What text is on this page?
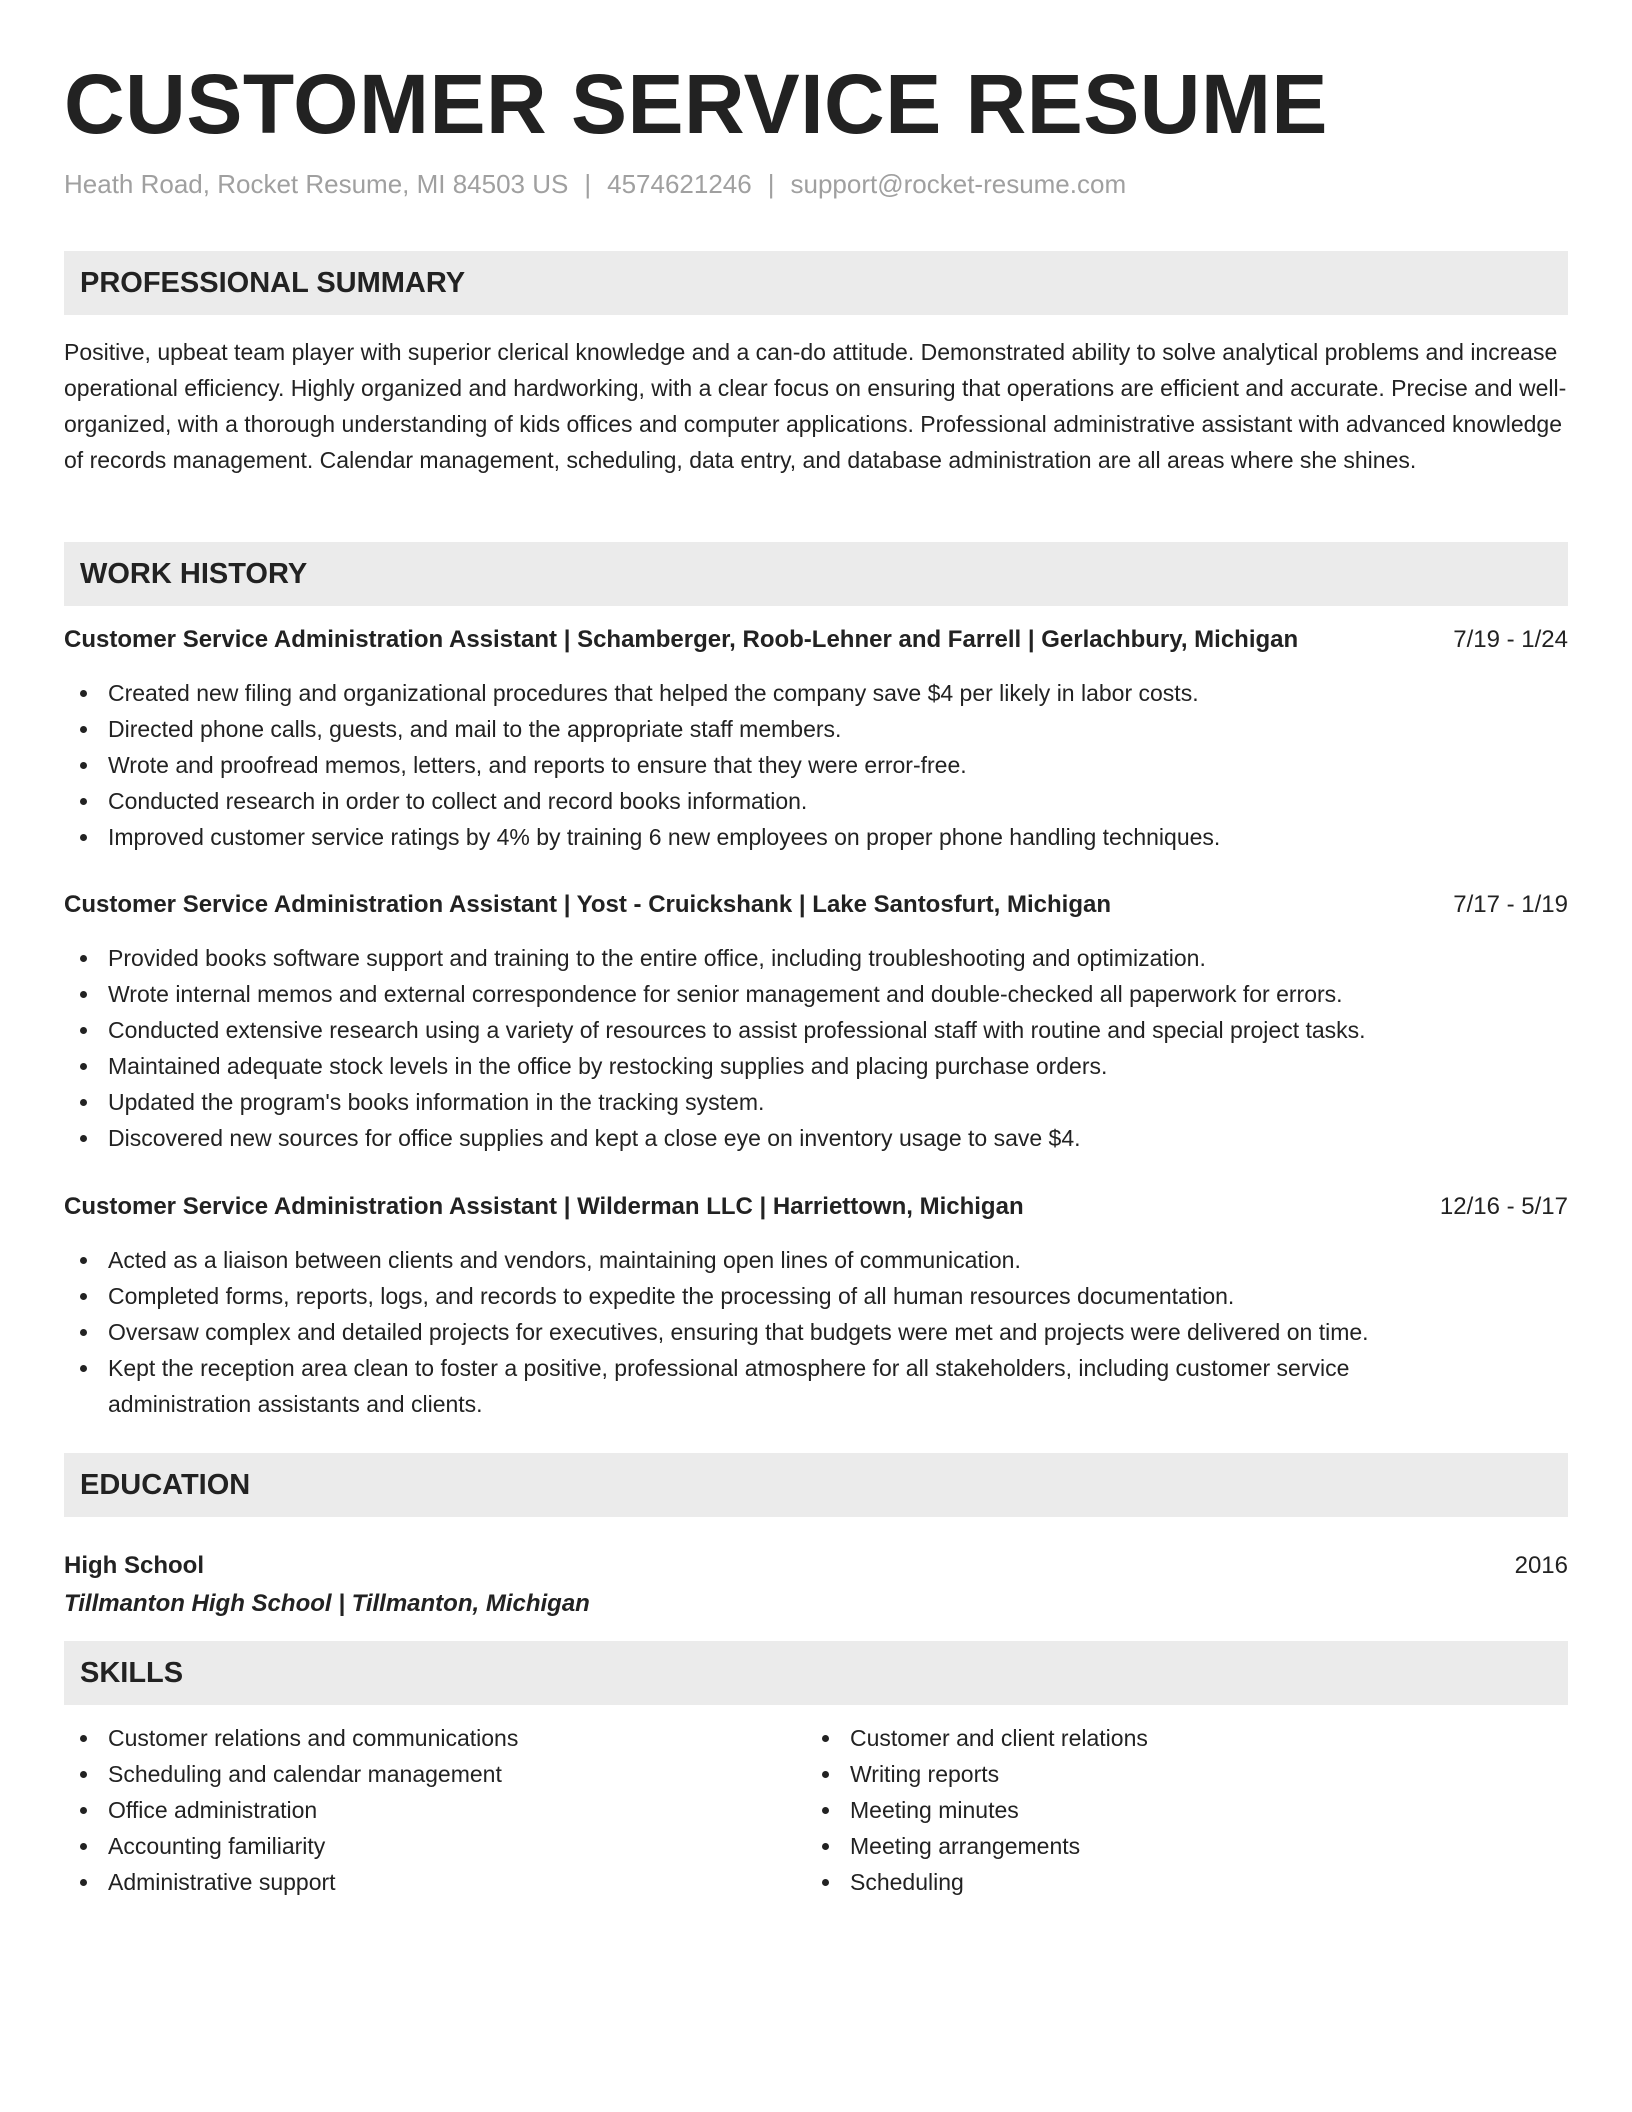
CUSTOMER SERVICE RESUME
Heath Road, Rocket Resume, MI 84503 US | 4574621246 | support@rocket-resume.com
PROFESSIONAL SUMMARY

Positive, upbeat team player with superior clerical knowledge and a can-do attitude. Demonstrated ability to solve analytical problems and increase operational efficiency. Highly organized and hardworking, with a clear focus on ensuring that operations are efficient and accurate. Precise and well-organized, with a thorough understanding of kids offices and computer applications. Professional administrative assistant with advanced knowledge of records management. Calendar management, scheduling, data entry, and database administration are all areas where she shines.

WORK HISTORY
Customer Service Administration Assistant | Schamberger, Roob-Lehner and Farrell | Gerlachbury, Michigan	7/19 - 1/24
Created new filing and organizational procedures that helped the company save $4 per likely in labor costs.
Directed phone calls, guests, and mail to the appropriate staff members.
Wrote and proofread memos, letters, and reports to ensure that they were error-free.
Conducted research in order to collect and record books information.
Improved customer service ratings by 4% by training 6 new employees on proper phone handling techniques.
Customer Service Administration Assistant | Yost - Cruickshank | Lake Santosfurt, Michigan	7/17 - 1/19
Provided books software support and training to the entire office, including troubleshooting and optimization.
Wrote internal memos and external correspondence for senior management and double-checked all paperwork for errors.
Conducted extensive research using a variety of resources to assist professional staff with routine and special project tasks.
Maintained adequate stock levels in the office by restocking supplies and placing purchase orders.
Updated the program's books information in the tracking system.
Discovered new sources for office supplies and kept a close eye on inventory usage to save $4.
Customer Service Administration Assistant | Wilderman LLC | Harriettown, Michigan	12/16 - 5/17
Acted as a liaison between clients and vendors, maintaining open lines of communication.
Completed forms, reports, logs, and records to expedite the processing of all human resources documentation.
Oversaw complex and detailed projects for executives, ensuring that budgets were met and projects were delivered on time.
Kept the reception area clean to foster a positive, professional atmosphere for all stakeholders, including customer service administration assistants and clients.
EDUCATION
High School	2016
Tillmanton High School | Tillmanton, Michigan
SKILLS
Customer relations and communications
Scheduling and calendar management
Office administration
Accounting familiarity
Administrative support
Customer and client relations
Writing reports
Meeting minutes
Meeting arrangements
Scheduling
